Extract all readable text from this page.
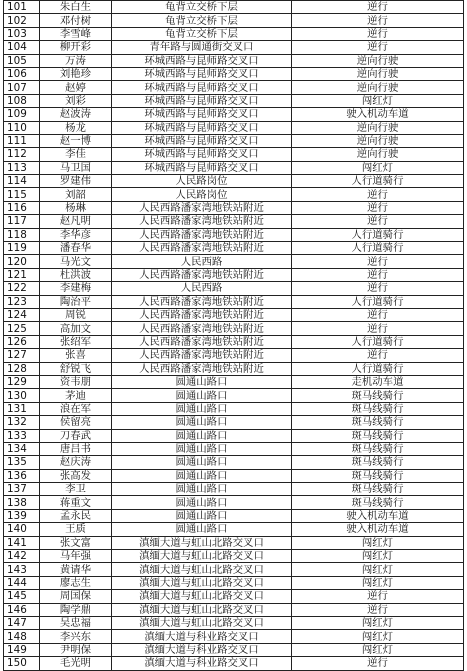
101	朱白生	龟背立交桥下层	逆行
102	邓付树	龟背立交桥下层	逆行
103	李雪峰	龟背立交桥下层	逆行
104	柳开彩	青年路与圆通街交叉口	逆行
105	万涛	环城西路与昆师路交叉口	逆向行驶
106	刘艳珍	环城西路与昆师路交叉口	逆向行驶
107	赵婷	环城西路与昆师路交叉口	逆向行驶
108	刘彩	环城西路与昆师路交叉口	闯红灯
109	赵波涛	环城西路与昆师路交叉口	驶入机动车道
110	杨龙	环城西路与昆师路交叉口	逆向行驶
111	赵一博	环城西路与昆师路交叉口	逆向行驶
112	李佳	环城西路与昆师路交叉口	逆向行驶
113	马卫国	环城西路与昆师路交叉口	闯红灯
114	罗建伟	人民路岗位	人行道骑行
115	刘韶	人民路岗位	逆行
116	杨琳	人民西路潘家湾地铁站附近	逆行
117	赵凡明	人民西路潘家湾地铁站附近	逆行
118	李华彦	人民西路潘家湾地铁站附近	人行道骑行
119	潘春华	人民西路潘家湾地铁站附近	人行道骑行
120	马光文	人民西路	逆行
121	杜洪波	人民西路潘家湾地铁站附近	逆行
122	李建梅	人民西路	逆行
123	陶治平	人民西路潘家湾地铁站附近	人行道骑行
124	周锐	人民西路潘家湾地铁站附近	逆行
125	高加文	人民西路潘家湾地铁站附近	逆行
126	张绍军	人民西路潘家湾地铁站附近	人行道骑行
127	张喜	人民西路潘家湾地铁站附近	逆行
128	舒锐飞	人民西路潘家湾地铁站附近	人行道骑行
129	资韦朋	圆通山路口	走机动车道
130	茅迪	圆通山路口	斑马线骑行
131	浪在军	圆通山路口	斑马线骑行
132	侯留亮	圆通山路口	斑马线骑行
133	刀春武	圆通山路口	斑马线骑行
134	唐吕书	圆通山路口	斑马线骑行
135	赵庆涛	圆通山路口	斑马线骑行
136	张高发	圆通山路口	斑马线骑行
137	李卫	圆通山路口	斑马线骑行
138	蒋重文	圆通山路口	斑马线骑行
139	孟永民	圆通山路口	驶入机动车道
140	王质	圆通山路口	驶入机动车道
141	张文富	滇缅大道与虹山北路交叉口	闯红灯
142	马年强	滇缅大道与虹山北路交叉口	闯红灯
143	黄请华	滇缅大道与虹山北路交叉口	闯红灯
144	廖志生	滇缅大道与虹山北路交叉口	闯红灯
145	周国保	滇缅大道与虹山北路交叉口	逆行
146	陶学鼎	滇缅大道与虹山北路交叉口	逆行
147	吴忠福	滇缅大道与虹山北路交叉口	闯红灯
148	李兴东	滇缅大道与科业路交叉口	闯红灯
149	尹明保	滇缅大道与科业路交叉口	闯红灯
150	毛光明	滇缅大道与科业路交叉口	逆行
